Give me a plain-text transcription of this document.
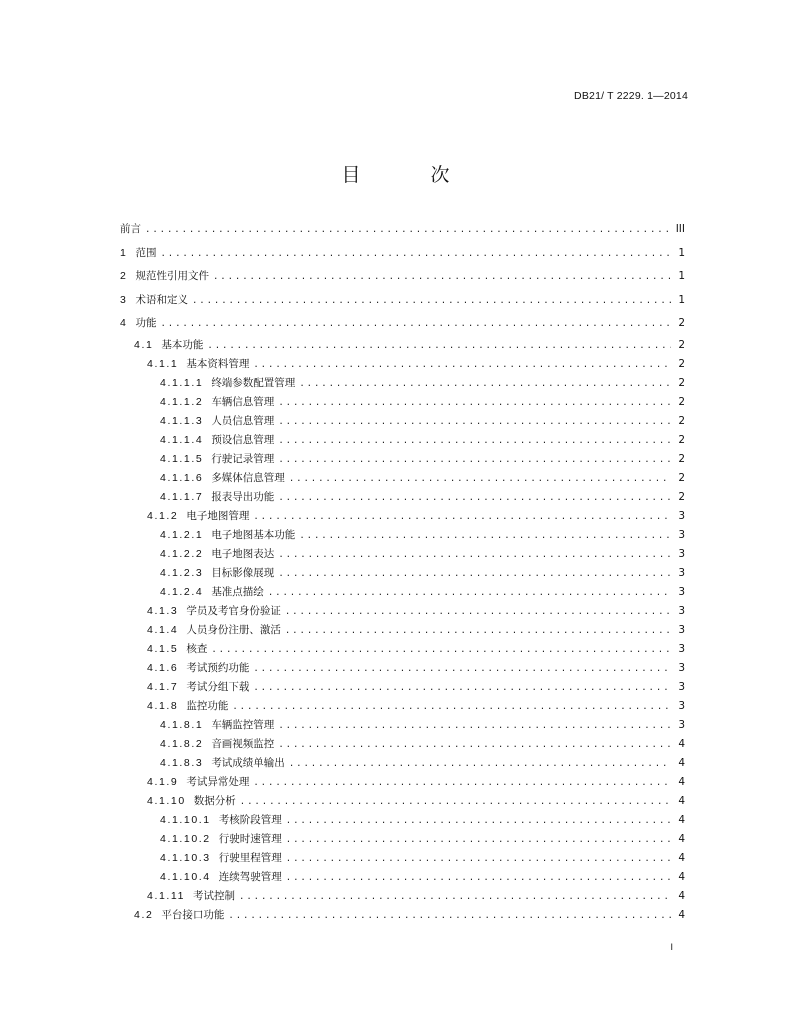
DB21/ T 2229. 1—2014
目 次
前言 .....	III
1 范围 .....	1
2 规范性引用文件 .....	1
3 术语和定义 .....	1
4 功能 .....	2
4.1 基本功能 .....	2
4.1.1 基本资料管理 .....	2
4.1.1.1 终端参数配置管理 .....	2
4.1.1.2 车辆信息管理 .....	2
4.1.1.3 人员信息管理 .....	2
4.1.1.4 预设信息管理 .....	2
4.1.1.5 行驶记录管理 .....	2
4.1.1.6 多媒体信息管理 .....	2
4.1.1.7 报表导出功能 .....	2
4.1.2 电子地图管理 .....	3
4.1.2.1 电子地图基本功能 .....	3
4.1.2.2 电子地图表达 .....	3
4.1.2.3 目标影像展现 .....	3
4.1.2.4 基准点描绘 .....	3
4.1.3 学员及考官身份验证 .....	3
4.1.4 人员身份注册、激活 .....	3
4.1.5 核查 .....	3
4.1.6 考试预约功能 .....	3
4.1.7 考试分组下载 .....	3
4.1.8 监控功能 .....	3
4.1.8.1 车辆监控管理 .....	3
4.1.8.2 音画视频监控 .....	4
4.1.8.3 考试成绩单输出 .....	4
4.1.9 考试异常处理 .....	4
4.1.10 数据分析 .....	4
4.1.10.1 考核阶段管理 .....	4
4.1.10.2 行驶时速管理 .....	4
4.1.10.3 行驶里程管理 .....	4
4.1.10.4 连续驾驶管理 .....	4
4.1.11 考试控制 .....	4
4.2 平台接口功能 .....	4
I
